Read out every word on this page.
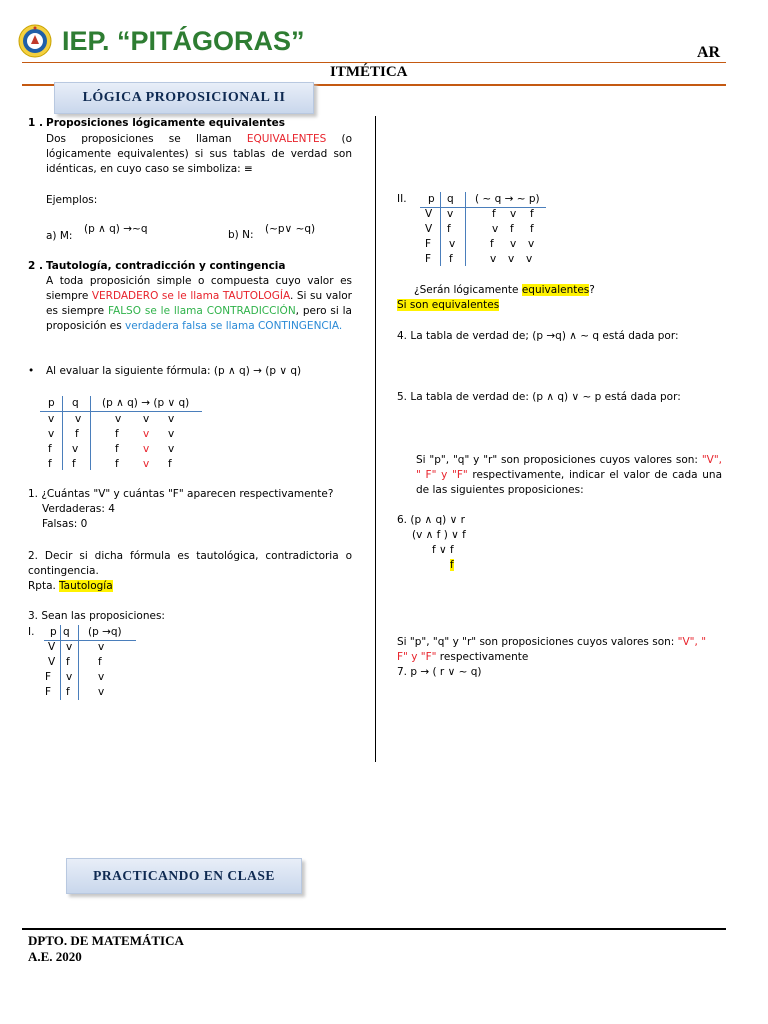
IEP. “PITÁGORAS”	AR
ITMÉTICA
LÓGICA PROPOSICIONAL II
1 . Proposiciones lógicamente equivalentes
Dos proposiciones se llaman EQUIVALENTES (o lógicamente equivalentes) si sus tablas de verdad son idénticas, en cuyo caso se simboliza: ≡
Ejemplos:
a) M:
(p ∧ q) →~q	b) N: (~p∨ ~q)
2 . Tautología, contradicción y contingencia
A toda proposición simple o compuesta cuyo valor es siempre VERDADERO se le llama TAUTOLOGÍA. Si su valor es siempre FALSO se le llama CONTRADICCIÓN, pero si la proposición es verdadera falsa se llama CONTINGENCIA.
• Al evaluar la siguiente fórmula: (p ∧ q) → (p ∨ q)
p q (p ∧ q) → (p ∨ q)
v v	v v v
v f	f v v
f v	f v v
f f	f v f
1. ¿Cuántas "V" y cuántas "F" aparecen respectivamente?
Verdaderas: 4
Falsas: 0
2. Decir si dicha fórmula es tautológica, contradictoria o contingencia.
Rpta. Tautología
3. Sean las proposiciones:
I. p q (p →q)
V v v
V f	f
F v v
F f	v
II. p q ( ~ q → ~ p)
V v	f v f
V f	v f f
F v	f v v
F f	v v v
¿Serán lógicamente equivalentes?
Si son equivalentes
4. La tabla de verdad de; (p →q) ∧ ~ q está dada por:
5. La tabla de verdad de: (p ∧ q) ∨ ~ p está dada por:
Si "p", "q" y "r" son proposiciones cuyos valores son: "V", " F" y "F" respectivamente, indicar el valor de cada una de las siguientes proposiciones:
6. (p ∧ q) ∨ r
(v ∧ f ) ∨ f
f ∨ f
f
Si "p", "q" y "r" son proposiciones cuyos valores son: "V", "
F" y "F" respectivamente
7. p → ( r ∨ ~ q)
PRACTICANDO EN CLASE
DPTO. DE MATEMÁTICA
A.E. 2020
